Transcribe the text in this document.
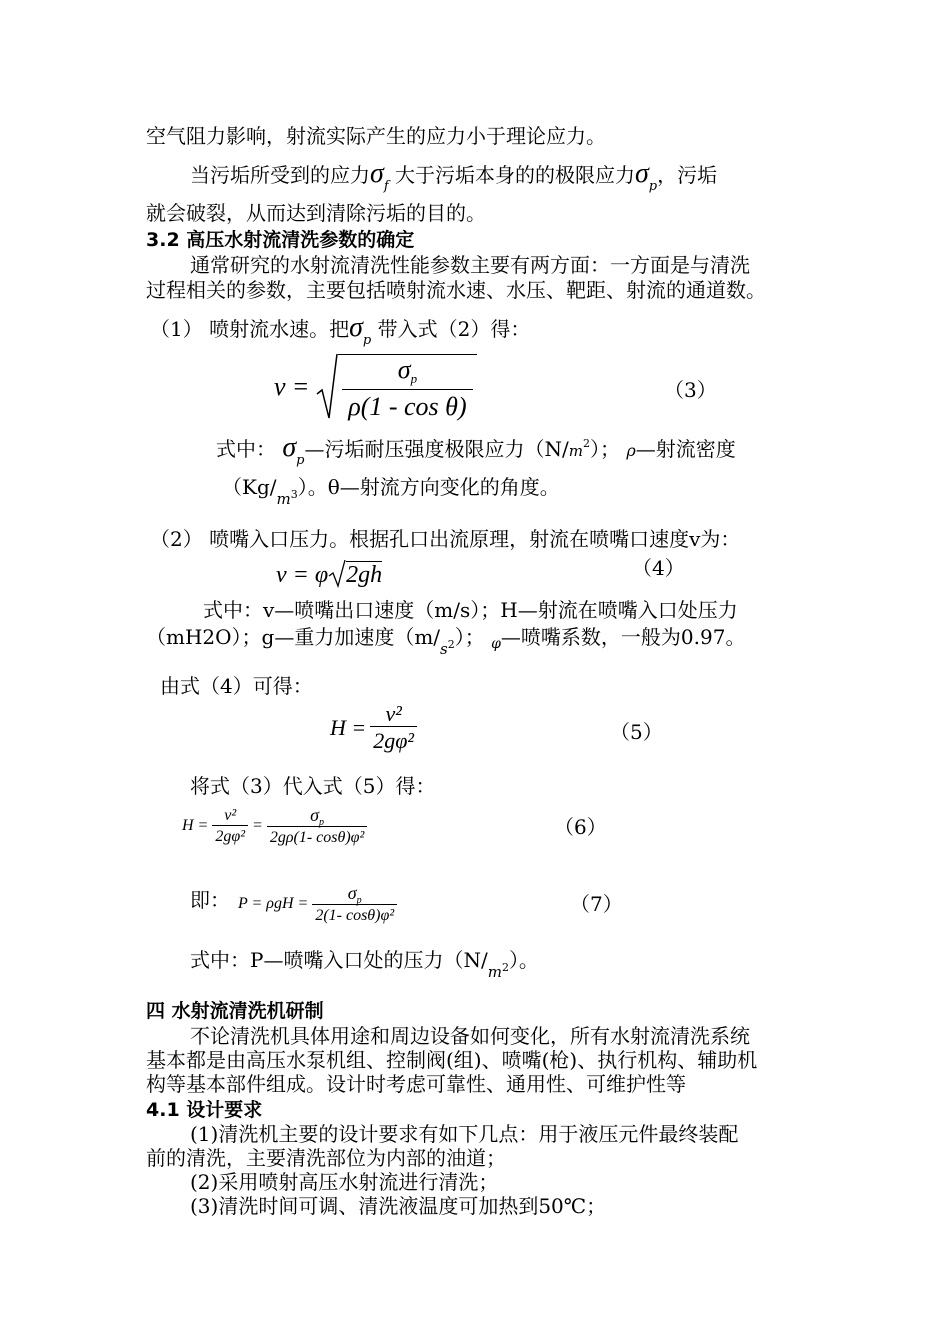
空气阻力影响，射流实际产生的应力小于理论应力。
当污垢所受到的应力$\sigma_f$ 大于污垢本身的的极限应力$\sigma_p$，污垢
就会破裂，从而达到清除污垢的目的。
3.2 高压水射流清洗参数的确定
通常研究的水射流清洗性能参数主要有两方面：一方面是与清洗
过程相关的参数，主要包括喷射流水速、水压、靶距、射流的通道数。
（1） 喷射流水速。把$\sigma_p$ 带入式（2）得：
v =
σp
ρ(1 - cos θ)
（3）
式中： $\sigma_p—$污垢耐压强度极限应力$(N/m^2)$； ρ—射流密度
$(Kg/_{m3})$。θ—射流方向变化的角度。
（2） 喷嘴入口压力。根据孔口出流原理，射流在喷嘴口速度v为：
v = φ 2gh	（4）
式中：v—喷嘴出口速度（m/s）；H—射流在喷嘴入口处压力
（mH2O）；g—重力加速度$(m/_{s2})$； $_\varphi$—喷嘴系数，一般为0.97。
由式（4）可得：
$H = \frac{\text{v²}}{\text{2gφ²}}$	（5）
将式（3）代入式（5）得：
$H = \frac{\text{v²}}{\text{2gφ²}} = \frac{\sigma_p}{\text{2gρ(1- cosθ)φ²}}$	（6）
即： $P = \rho gH = \frac{\sigma_p}{\text{2(1- cosθ)φ²}}$	（7）
式中：P—喷嘴入口处的压力$(N/_{m2})$。
四 水射流清洗机研制
不论清洗机具体用途和周边设备如何变化，所有水射流清洗系统
基本都是由高压水泵机组、控制阀(组)、喷嘴(枪)、执行机构、辅助机
构等基本部件组成。设计时考虑可靠性、通用性、可维护性等
4.1 设计要求
(1)清洗机主要的设计要求有如下几点：用于液压元件最终装配
前的清洗，主要清洗部位为内部的油道；
(2)采用喷射高压水射流进行清洗；
(3)清洗时间可调、清洗液温度可加热到50℃；
